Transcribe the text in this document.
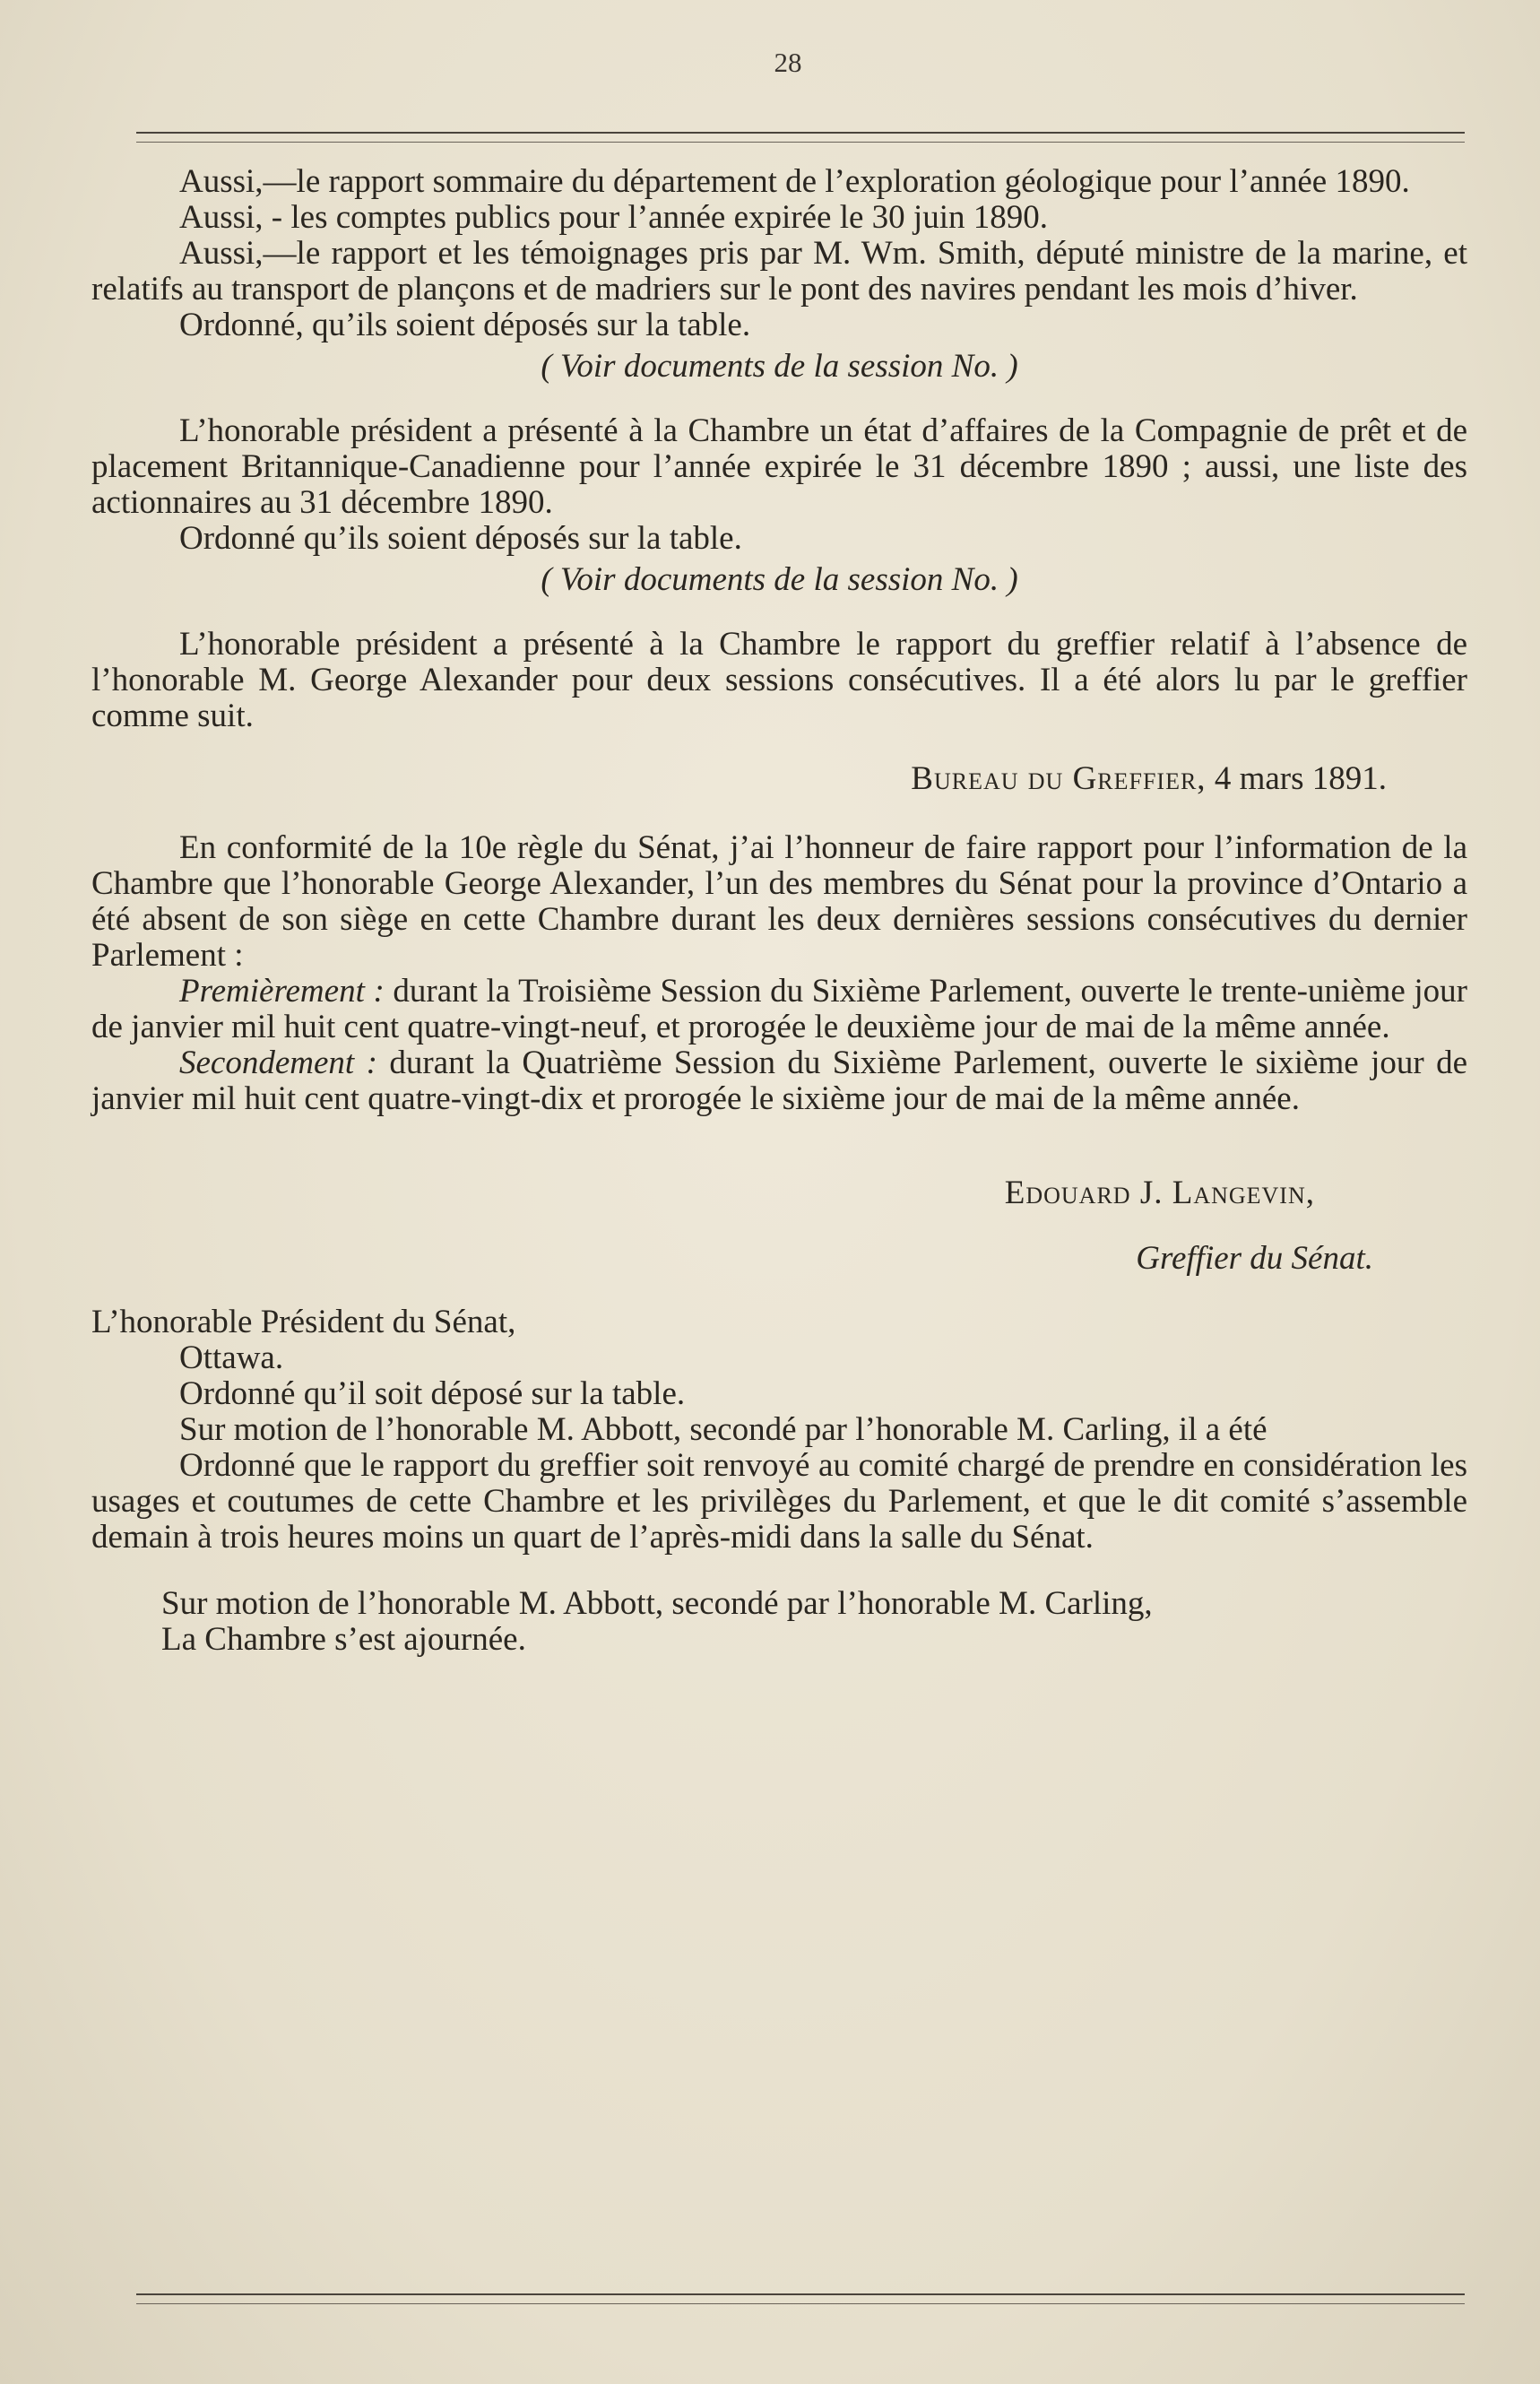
28

Aussi,—le rapport sommaire du département de l’exploration géologique pour l’année 1890.

Aussi, - les comptes publics pour l’année expirée le 30 juin 1890.

Aussi,—le rapport et les témoignages pris par M. Wm. Smith, député ministre de la marine, et relatifs au transport de plançons et de madriers sur le pont des navires pendant les mois d’hiver.

Ordonné, qu’ils soient déposés sur la table.

( Voir documents de la session No. )

L’honorable président a présenté à la Chambre un état d’affaires de la Compagnie de prêt et de placement Britannique-Canadienne pour l’année expirée le 31 décembre 1890 ; aussi, une liste des actionnaires au 31 décembre 1890.

Ordonné qu’ils soient déposés sur la table.

( Voir documents de la session No. )

L’honorable président a présenté à la Chambre le rapport du greffier relatif à l’absence de l’honorable M. George Alexander pour deux sessions consécutives. Il a été alors lu par le greffier comme suit.

Bureau du Greffier, 4 mars 1891.

En conformité de la 10e règle du Sénat, j’ai l’honneur de faire rapport pour l’information de la Chambre que l’honorable George Alexander, l’un des membres du Sénat pour la province d’Ontario a été absent de son siège en cette Chambre durant les deux dernières sessions consécutives du dernier Parlement :

Premièrement : durant la Troisième Session du Sixième Parlement, ouverte le trente-unième jour de janvier mil huit cent quatre-vingt-neuf, et prorogée le deuxième jour de mai de la même année.

Secondement : durant la Quatrième Session du Sixième Parlement, ouverte le sixième jour de janvier mil huit cent quatre-vingt-dix et prorogée le sixième jour de mai de la même année.

Edouard J. Langevin,

Greffier du Sénat.

L’honorable Président du Sénat,
Ottawa.

Ordonné qu’il soit déposé sur la table.

Sur motion de l’honorable M. Abbott, secondé par l’honorable M. Carling, il a été

Ordonné que le rapport du greffier soit renvoyé au comité chargé de prendre en considération les usages et coutumes de cette Chambre et les privilèges du Parlement, et que le dit comité s’assemble demain à trois heures moins un quart de l’après-midi dans la salle du Sénat.

Sur motion de l’honorable M. Abbott, secondé par l’honorable M. Carling,

La Chambre s’est ajournée.
